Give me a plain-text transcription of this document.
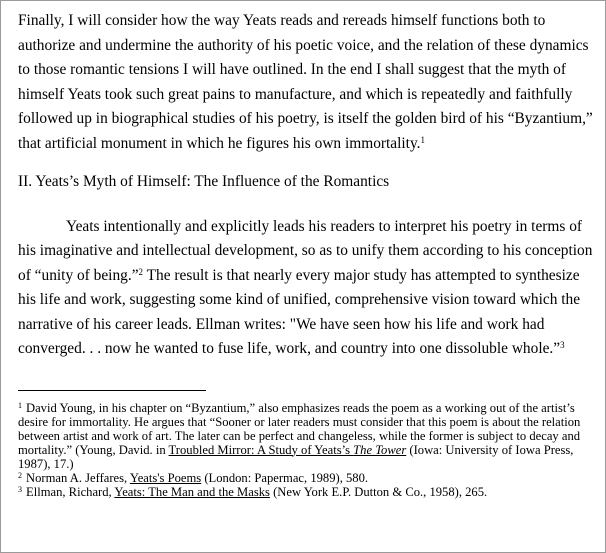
Finally, I will consider how the way Yeats reads and rereads himself functions both to authorize and undermine the authority of his poetic voice, and the relation of these dynamics to those romantic tensions I will have outlined. In the end I shall suggest that the myth of himself Yeats took such great pains to manufacture, and which is repeatedly and faithfully followed up in biographical studies of his poetry, is itself the golden bird of his “Byzantium,” that artificial monument in which he figures his own immortality.$^1$

II. Yeats’s Myth of Himself: The Influence of the Romantics

Yeats intentionally and explicitly leads his readers to interpret his poetry in terms of his imaginative and intellectual development, so as to unify them according to his conception of “unity of being.”$^2$ The result is that nearly every major study has attempted to synthesize his life and work, suggesting some kind of unified, comprehensive vision toward which the narrative of his career leads. Ellman writes: "We have seen how his life and work had converged. . . now he wanted to fuse life, work, and country into one dissoluble whole.”$^3$

$^1$ David Young, in his chapter on “Byzantium,” also emphasizes reads the poem as a working out of the artist’s desire for immortality. He argues that “Sooner or later readers must consider that this poem is about the relation between artist and work of art. The later can be perfect and changeless, while the former is subject to decay and mortality.” (Young, David. in Troubled Mirror: A Study of Yeats’s The Tower (Iowa: University of Iowa Press, 1987), 17.)

$^2$ Norman A. Jeffares, Yeats's Poems (London: Papermac, 1989), 580.

$^3$ Ellman, Richard, Yeats: The Man and the Masks (New York E.P. Dutton & Co., 1958), 265.
